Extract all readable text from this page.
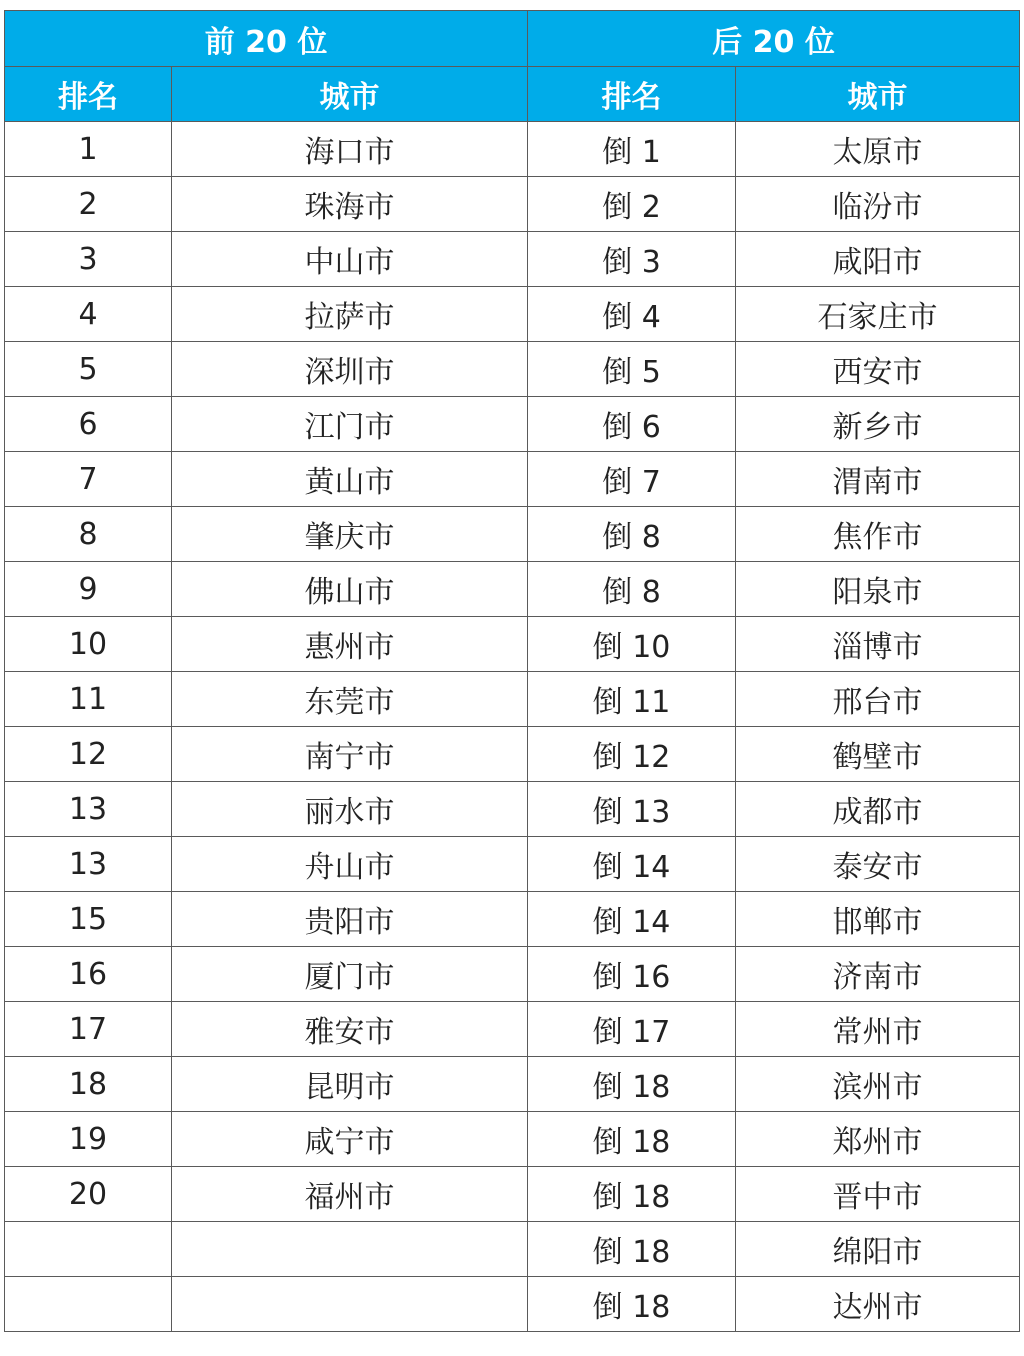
前 20 位		后 20 位	
排名	城市	排名	城市
1	海口市	倒 1	太原市
2	珠海市	倒 2	临汾市
3	中山市	倒 3	咸阳市
4	拉萨市	倒 4	石家庄市
5	深圳市	倒 5	西安市
6	江门市	倒 6	新乡市
7	黄山市	倒 7	渭南市
8	肇庆市	倒 8	焦作市
9	佛山市	倒 8	阳泉市
10	惠州市	倒 10	淄博市
11	东莞市	倒 11	邢台市
12	南宁市	倒 12	鹤壁市
13	丽水市	倒 13	成都市
13	舟山市	倒 14	泰安市
15	贵阳市	倒 14	邯郸市
16	厦门市	倒 16	济南市
17	雅安市	倒 17	常州市
18	昆明市	倒 18	滨州市
19	咸宁市	倒 18	郑州市
20	福州市	倒 18	晋中市
		倒 18	绵阳市
		倒 18	达州市
